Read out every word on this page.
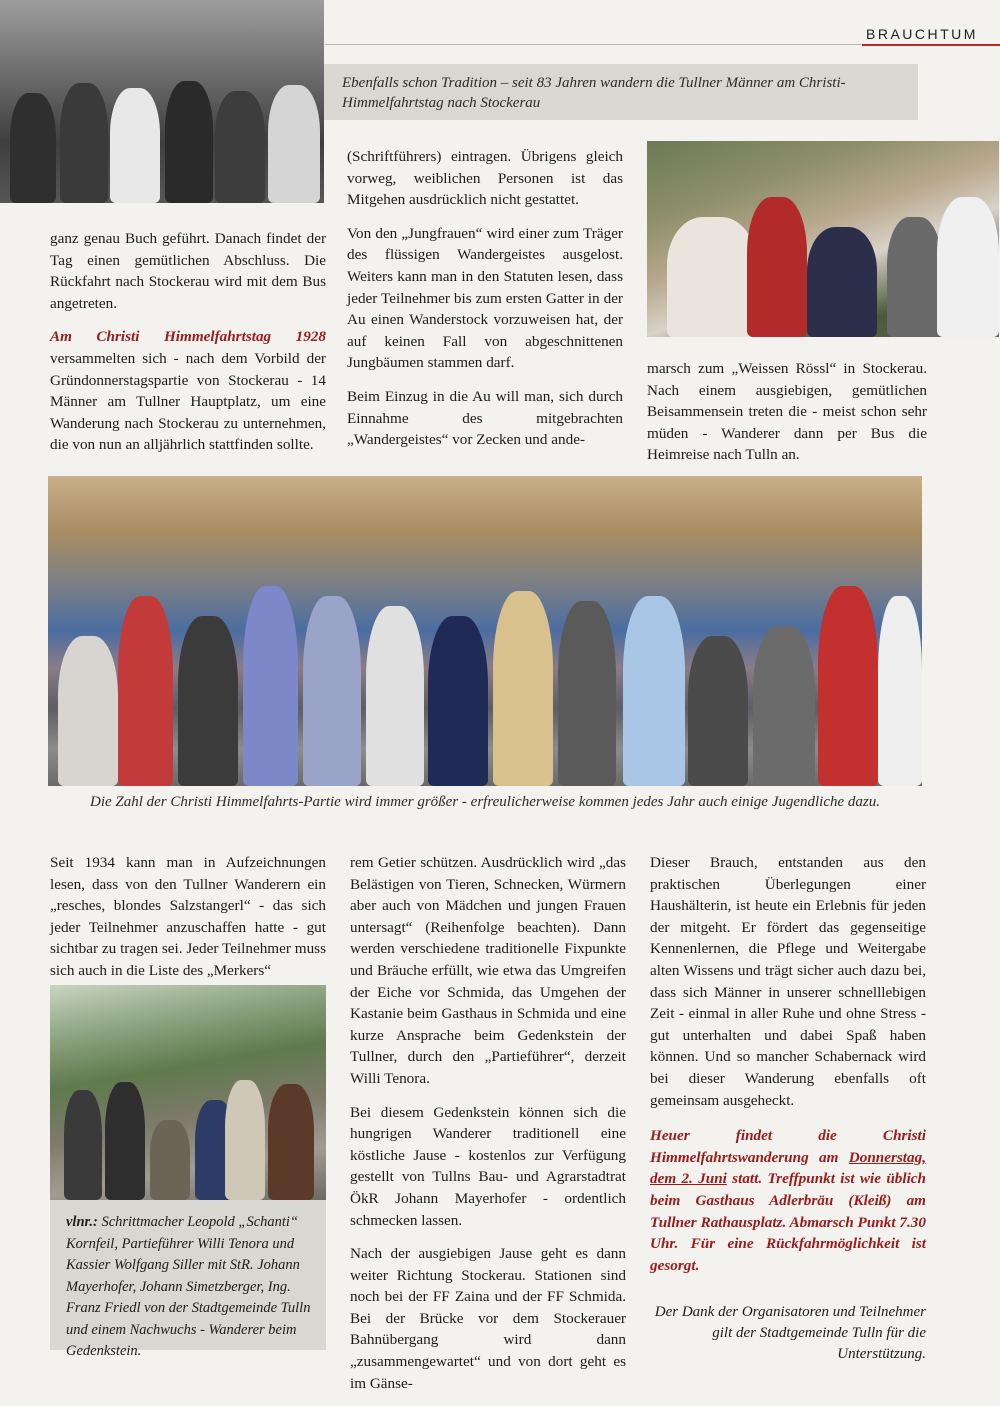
BRAUCHTUM
Ebenfalls schon Tradition – seit 83 Jahren wandern die Tullner Männer am Christi- Himmelfahrtstag nach Stockerau

ganz genau Buch geführt. Danach findet der Tag einen gemütlichen Abschluss. Die Rückfahrt nach Stockerau wird mit dem Bus angetreten.

Am Christi Himmelfahrtstag 1928 versammelten sich - nach dem Vorbild der Gründonnerstagspartie von Stockerau - 14 Männer am Tullner Hauptplatz, um eine Wanderung nach Stockerau zu unternehmen, die von nun an alljährlich stattfinden sollte.

(Schriftführers) eintragen. Übrigens gleich vorweg, weiblichen Personen ist das Mitgehen ausdrücklich nicht gestattet.

Von den „Jungfrauen“ wird einer zum Träger des flüssigen Wandergeistes ausgelost. Weiters kann man in den Statuten lesen, dass jeder Teilnehmer bis zum ersten Gatter in der Au einen Wanderstock vorzuweisen hat, der auf keinen Fall von abgeschnittenen Jungbäumen stammen darf.

Beim Einzug in die Au will man, sich durch Einnahme des mitgebrachten „Wandergeistes“ vor Zecken und ande-

marsch zum „Weissen Rössl“ in Stockerau. Nach einem ausgiebigen, gemütlichen Beisammensein treten die - meist schon sehr müden - Wanderer dann per Bus die Heimreise nach Tulln an.

Die Zahl der Christi Himmelfahrts-Partie wird immer größer - erfreulicherweise kommen jedes Jahr auch einige Jugendliche dazu.

Seit 1934 kann man in Aufzeichnungen lesen, dass von den Tullner Wanderern ein „resches, blondes Salzstangerl“ - das sich jeder Teilnehmer anzuschaffen hatte - gut sichtbar zu tragen sei. Jeder Teilnehmer muss sich auch in die Liste des „Merkers“

vlnr.: Schrittmacher Leopold „Schanti“ Kornfeil, Partieführer Willi Tenora und Kassier Wolfgang Siller mit StR. Johann Mayerhofer, Johann Simetzberger, Ing. Franz Friedl von der Stadtgemeinde Tulln und einem Nachwuchs - Wanderer beim Gedenkstein.

rem Getier schützen. Ausdrücklich wird „das Belästigen von Tieren, Schnecken, Würmern aber auch von Mädchen und jungen Frauen untersagt“ (Reihenfolge beachten). Dann werden verschiedene traditionelle Fixpunkte und Bräuche erfüllt, wie etwa das Umgreifen der Eiche vor Schmida, das Umgehen der Kastanie beim Gasthaus in Schmida und eine kurze Ansprache beim Gedenkstein der Tullner, durch den „Partieführer“, derzeit Willi Tenora.

Bei diesem Gedenkstein können sich die hungrigen Wanderer traditionell eine köstliche Jause - kostenlos zur Verfügung gestellt von Tullns Bau- und Agrarstadtrat ÖkR Johann Mayerhofer - ordentlich schmecken lassen.

Nach der ausgiebigen Jause geht es dann weiter Richtung Stockerau. Stationen sind noch bei der FF Zaina und der FF Schmida. Bei der Brücke vor dem Stockerauer Bahnübergang wird dann „zusammengewartet“ und von dort geht es im Gänse-

Dieser Brauch, entstanden aus den praktischen Überlegungen einer Haushälterin, ist heute ein Erlebnis für jeden der mitgeht. Er fördert das gegenseitige Kennenlernen, die Pflege und Weitergabe alten Wissens und trägt sicher auch dazu bei, dass sich Männer in unserer schnelllebigen Zeit - einmal in aller Ruhe und ohne Stress - gut unterhalten und dabei Spaß haben können. Und so mancher Schabernack wird bei dieser Wanderung ebenfalls oft gemeinsam ausgeheckt.

Heuer findet die Christi Himmelfahrtswanderung am Donnerstag, dem 2. Juni statt. Treffpunkt ist wie üblich beim Gasthaus Adlerbräu (Kleiß) am Tullner Rathausplatz. Abmarsch Punkt 7.30 Uhr. Für eine Rückfahrmöglichkeit ist gesorgt.

Der Dank der Organisatoren und Teilnehmer gilt der Stadtgemeinde Tulln für die Unterstützung.
